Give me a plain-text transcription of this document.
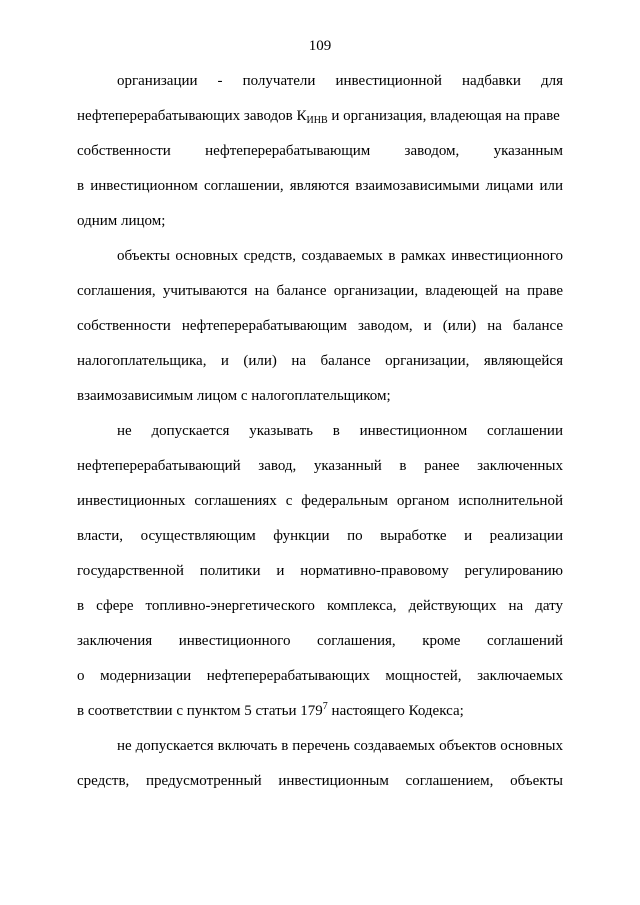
109
организации - получатели инвестиционной надбавки для
нефтеперерабатывающих заводов $К_{ИНВ}$ и организация, владеющая на праве
собственности нефтеперерабатывающим заводом, указанным
в инвестиционном соглашении, являются взаимозависимыми лицами или
одним лицом;
объекты основных средств, создаваемых в рамках инвестиционного
соглашения, учитываются на балансе организации, владеющей на праве
собственности нефтеперерабатывающим заводом, и (или) на балансе
налогоплательщика, и (или) на балансе организации, являющейся
взаимозависимым лицом с налогоплательщиком;
не допускается указывать в инвестиционном соглашении
нефтеперерабатывающий завод, указанный в ранее заключенных
инвестиционных соглашениях с федеральным органом исполнительной
власти, осуществляющим функции по выработке и реализации
государственной политики и нормативно-правовому регулированию
в сфере топливно-энергетического комплекса, действующих на дату
заключения инвестиционного соглашения, кроме соглашений
о модернизации нефтеперерабатывающих мощностей, заключаемых
в соответствии с пунктом 5 статьи $179^7$ настоящего Кодекса;
не допускается включать в перечень создаваемых объектов основных
средств, предусмотренный инвестиционным соглашением, объекты
